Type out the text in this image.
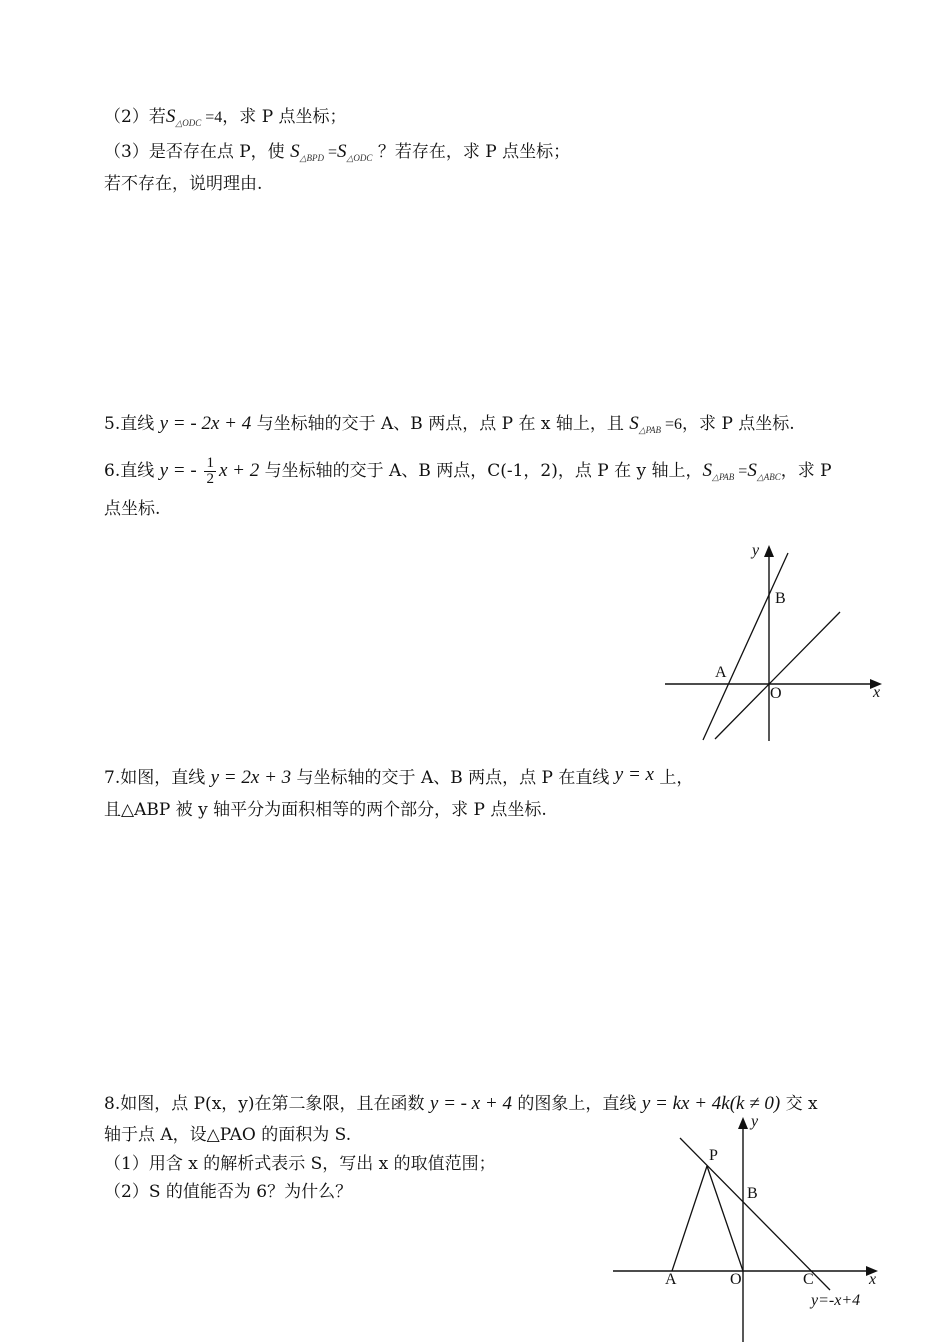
（2）若$S_{\triangle ODC} =4$，求 P 点坐标；
（3）是否存在点 P，使 $S_{\triangle BPD} =S_{\triangle ODC}$ ？若存在，求 P 点坐标；
若不存在，说明理由.
5.直线 y = - 2x + 4 与坐标轴的交于 A、B 两点，点 P 在 x 轴上，且 $S_{\triangle PAB} =6$，求 P 点坐标.
6.直线 y = - $\frac{1}{2}$ x + 2 与坐标轴的交于 A、B 两点，C(-1，2)，点 P 在 y 轴上，$S_{\triangle PAB} =S_{\triangle ABC}$，求 P
点坐标.
y
x
B
A
O
7.如图，直线 y = 2x + 3 与坐标轴的交于 A、B 两点，点 P 在直线 y = x 上，
且△ABP 被 y 轴平分为面积相等的两个部分，求 P 点坐标.
8.如图，点 P(x，y)在第二象限，且在函数 y = - x + 4 的图象上，直线 y = kx + 4k(k ≠ 0) 交 x
轴于点 A，设△PAO 的面积为 S.
（1）用含 x 的解析式表示 S，写出 x 的取值范围；
（2）S 的值能否为 6？为什么？
y
x
P
B
A	O	C
y=-x+4
